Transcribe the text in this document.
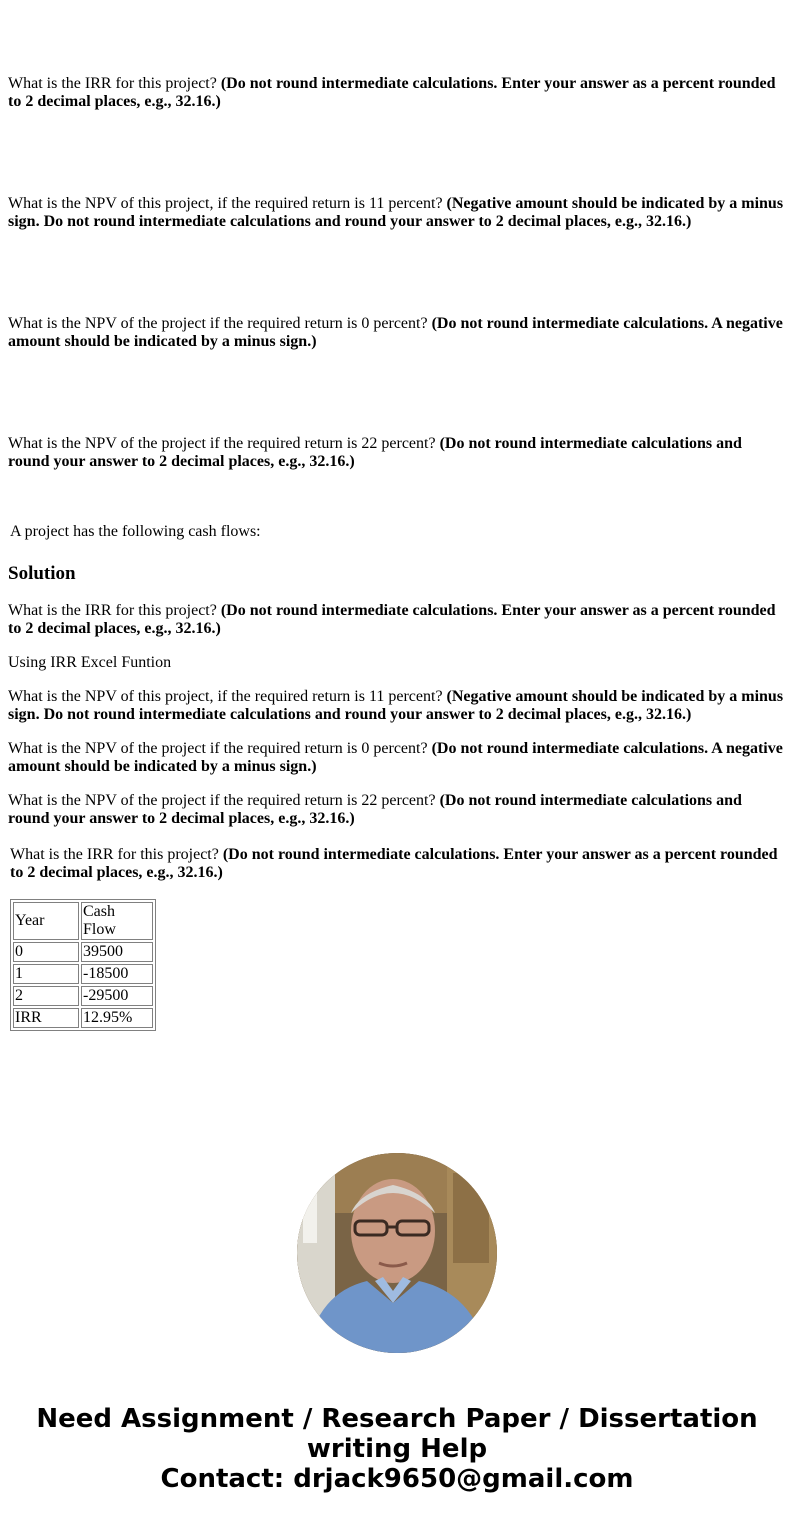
What is the IRR for this project? (Do not round intermediate calculations. Enter your answer as a percent rounded to 2 decimal places, e.g., 32.16.)

What is the NPV of this project, if the required return is 11 percent? (Negative amount should be indicated by a minus sign. Do not round intermediate calculations and round your answer to 2 decimal places, e.g., 32.16.)

What is the NPV of the project if the required return is 0 percent? (Do not round intermediate calculations. A negative amount should be indicated by a minus sign.)

What is the NPV of the project if the required return is 22 percent? (Do not round intermediate calculations and round your answer to 2 decimal places, e.g., 32.16.)

A project has the following cash flows:

Solution

What is the IRR for this project? (Do not round intermediate calculations. Enter your answer as a percent rounded to 2 decimal places, e.g., 32.16.)

Using IRR Excel Funtion

What is the NPV of this project, if the required return is 11 percent? (Negative amount should be indicated by a minus sign. Do not round intermediate calculations and round your answer to 2 decimal places, e.g., 32.16.)

What is the NPV of the project if the required return is 0 percent? (Do not round intermediate calculations. A negative amount should be indicated by a minus sign.)

What is the NPV of the project if the required return is 22 percent? (Do not round intermediate calculations and round your answer to 2 decimal places, e.g., 32.16.)

What is the IRR for this project? (Do not round intermediate calculations. Enter your answer as a percent rounded to 2 decimal places, e.g., 32.16.)

Year	Cash Flow
0	39500
1	-18500
2	-29500
IRR	12.95%
Need Assignment / Research Paper / Dissertation
writing Help
Contact: drjack9650@gmail.com
